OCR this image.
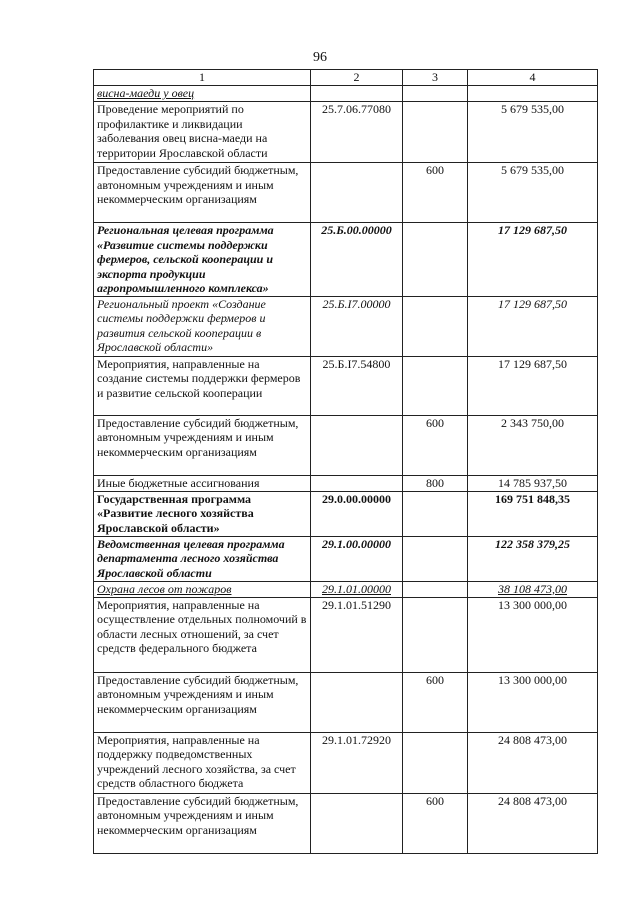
96
1	2	3	4
висна-маеди у овец			
Проведение мероприятий по профилактике и ликвидации заболевания овец висна-маеди на территории Ярославской области	25.7.06.77080		5 679 535,00
Предоставление субсидий бюджетным, автономным учреждениям и иным некоммерческим организациям		600	5 679 535,00
Региональная целевая программа «Развитие системы поддержки фермеров, сельской кооперации и экспорта продукции агропромышленного комплекса»	25.Б.00.00000		17 129 687,50
Региональный проект «Создание системы поддержки фермеров и развития сельской кооперации в Ярославской области»	25.Б.I7.00000		17 129 687,50
Мероприятия, направленные на создание системы поддержки фермеров и развитие сельской кооперации	25.Б.I7.54800		17 129 687,50
Предоставление субсидий бюджетным, автономным учреждениям и иным некоммерческим организациям		600	2 343 750,00
Иные бюджетные ассигнования		800	14 785 937,50
Государственная программа «Развитие лесного хозяйства Ярославской области»	29.0.00.00000		169 751 848,35
Ведомственная целевая программа департамента лесного хозяйства Ярославской области	29.1.00.00000		122 358 379,25
Охрана лесов от пожаров	29.1.01.00000		38 108 473,00
Мероприятия, направленные на осуществление отдельных полномочий в области лесных отношений, за счет средств федерального бюджета	29.1.01.51290		13 300 000,00
Предоставление субсидий бюджетным, автономным учреждениям и иным некоммерческим организациям		600	13 300 000,00
Мероприятия, направленные на поддержку подведомственных учреждений лесного хозяйства, за счет средств областного бюджета	29.1.01.72920		24 808 473,00
Предоставление субсидий бюджетным, автономным учреждениям и иным некоммерческим организациям		600	24 808 473,00
